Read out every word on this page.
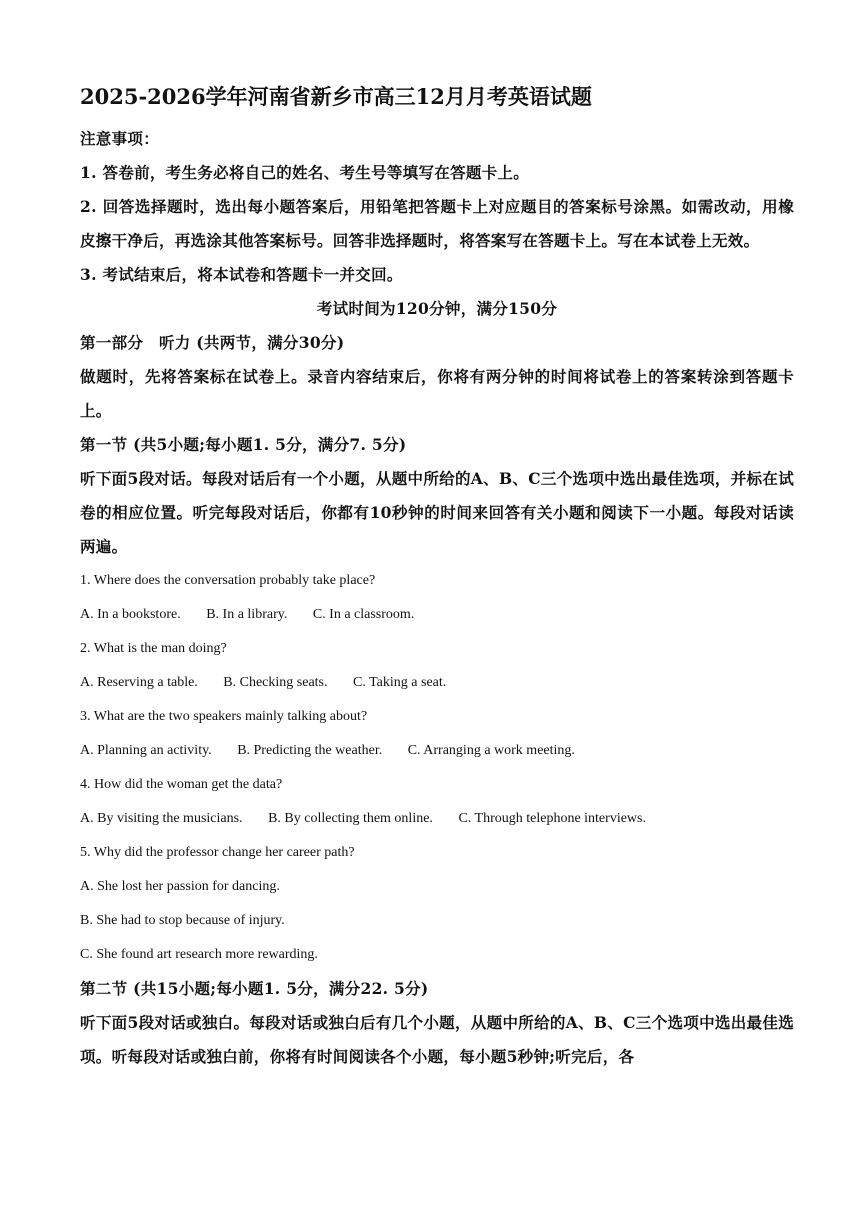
2025-2026学年河南省新乡市高三12月月考英语试题

注意事项：

1. 答卷前，考生务必将自己的姓名、考生号等填写在答题卡上。

2. 回答选择题时，选出每小题答案后，用铅笔把答题卡上对应题目的答案标号涂黑。如需改动，用橡皮擦干净后，再选涂其他答案标号。回答非选择题时，将答案写在答题卡上。写在本试卷上无效。

3. 考试结束后，将本试卷和答题卡一并交回。

考试时间为120分钟，满分150分

第一部分　听力 (共两节，满分30分)

做题时，先将答案标在试卷上。录音内容结束后，你将有两分钟的时间将试卷上的答案转涂到答题卡上。

第一节 (共5小题;每小题1. 5分，满分7. 5分)

听下面5段对话。每段对话后有一个小题，从题中所给的A、B、C三个选项中选出最佳选项，并标在试卷的相应位置。听完每段对话后，你都有10秒钟的时间来回答有关小题和阅读下一小题。每段对话读两遍。

1. Where does the conversation probably take place?

A. In a bookstore. B. In a library. C. In a classroom.

2. What is the man doing?

A. Reserving a table. B. Checking seats. C. Taking a seat.

3. What are the two speakers mainly talking about?

A. Planning an activity. B. Predicting the weather. C. Arranging a work meeting.

4. How did the woman get the data?

A. By visiting the musicians. B. By collecting them online. C. Through telephone interviews.

5. Why did the professor change her career path?

A. She lost her passion for dancing.

B. She had to stop because of injury.

C. She found art research more rewarding.

第二节 (共15小题;每小题1. 5分，满分22. 5分)

听下面5段对话或独白。每段对话或独白后有几个小题，从题中所给的A、B、C三个选项中选出最佳选项。听每段对话或独白前，你将有时间阅读各个小题，每小题5秒钟;听完后，各
